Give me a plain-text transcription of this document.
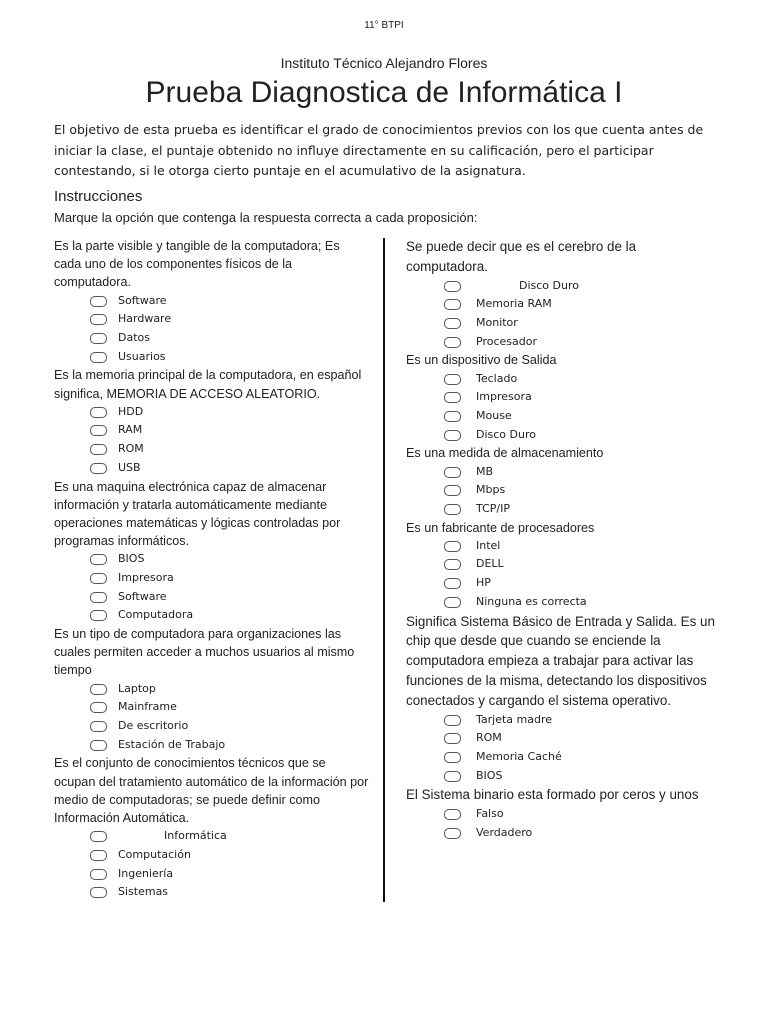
11° BTPI
Instituto Técnico Alejandro Flores
Prueba Diagnostica de Informática I
El objetivo de esta prueba es identificar el grado de conocimientos previos con los que cuenta antes de iniciar la clase, el puntaje obtenido no influye directamente en su calificación, pero el participar contestando, si le otorga cierto puntaje en el acumulativo de la asignatura.
Instrucciones
Marque la opción que contenga la respuesta correcta a cada proposición:

Es la parte visible y tangible de la computadora; Es cada uno de los componentes físicos de la computadora.

Software
Hardware
Datos
Usuarios

Es la memoria principal de la computadora, en español significa, MEMORIA DE ACCESO ALEATORIO.

HDD
RAM
ROM
USB

Es una maquina electrónica capaz de almacenar información y tratarla automáticamente mediante operaciones matemáticas y lógicas controladas por programas informáticos.

BIOS
Impresora
Software
Computadora

Es un tipo de computadora para organizaciones las cuales permiten acceder a muchos usuarios al mismo tiempo

Laptop
Mainframe
De escritorio
Estación de Trabajo

Es el conjunto de conocimientos técnicos que se ocupan del tratamiento automático de la información por medio de computadoras; se puede definir como Información Automática.

Informática
Computación
Ingeniería
Sistemas

Se puede decir que es el cerebro de la computadora.

Disco Duro
Memoria RAM
Monitor
Procesador

Es un dispositivo de Salida

Teclado
Impresora
Mouse
Disco Duro

Es una medida de almacenamiento

MB
Mbps
TCP/IP

Es un fabricante de procesadores

Intel
DELL
HP
Ninguna es correcta

Significa Sistema Básico de Entrada y Salida. Es un chip que desde que cuando se enciende la computadora empieza a trabajar para activar las funciones de la misma, detectando los dispositivos conectados y cargando el sistema operativo.

Tarjeta madre
ROM
Memoria Caché
BIOS

El Sistema binario esta formado por ceros y unos

Falso
Verdadero
